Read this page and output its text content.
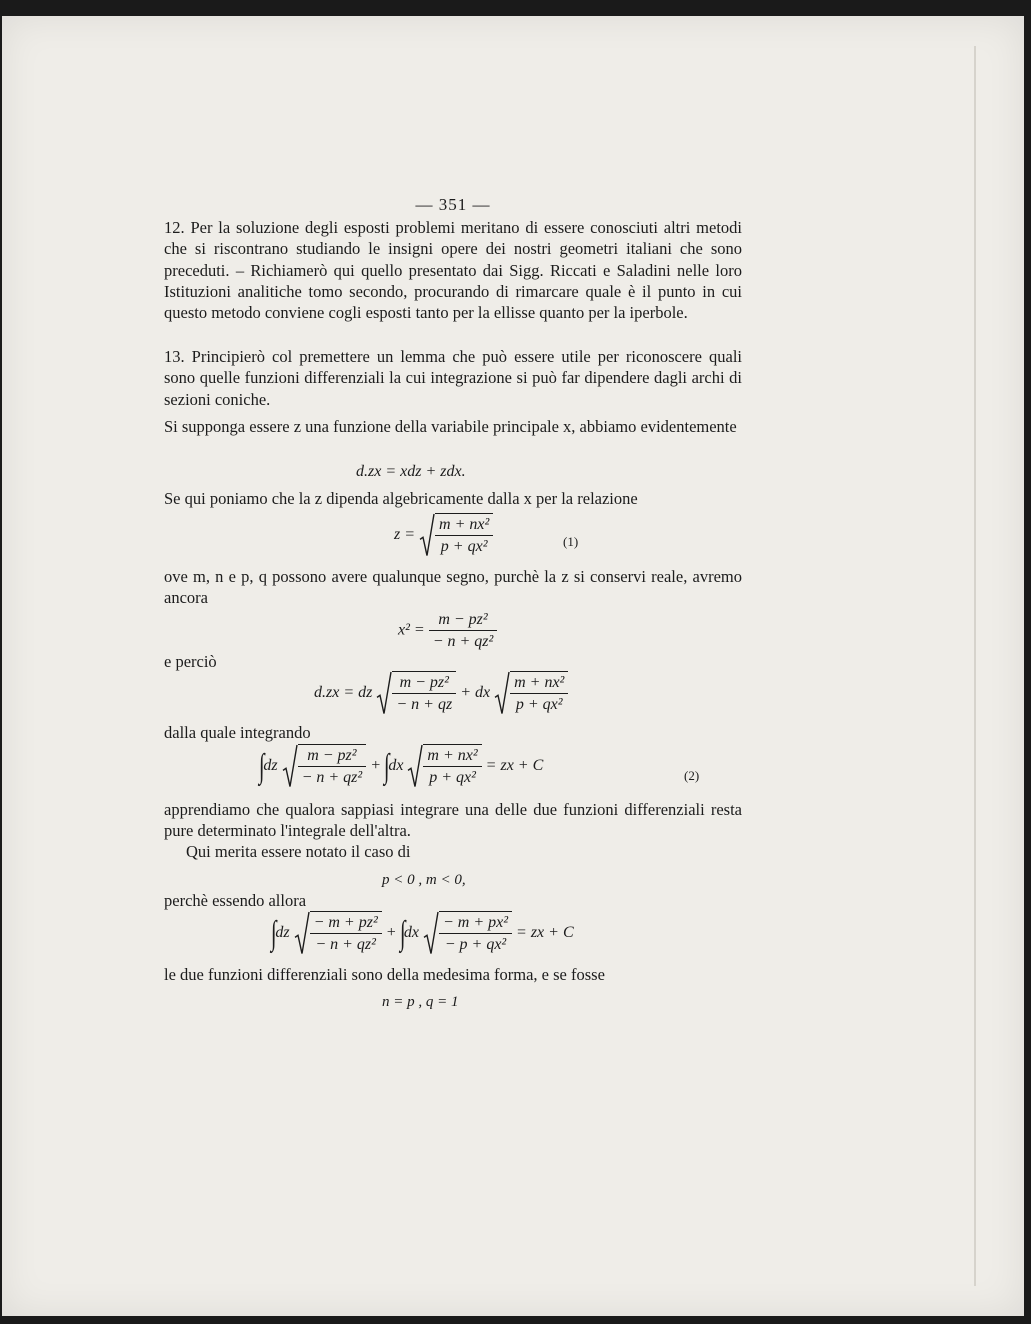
— 351 —

12. Per la soluzione degli esposti problemi meritano di essere conosciuti altri metodi che si riscontrano studiando le insigni opere dei nostri geometri italiani che sono preceduti. – Richiamerò qui quello presentato dai Sigg. Riccati e Saladini nelle loro Istituzioni analitiche tomo secondo, procurando di rimarcare quale è il punto in cui questo metodo conviene cogli esposti tanto per la ellisse quanto per la iperbole.

13. Principierò col premettere un lemma che può essere utile per riconoscere quali sono quelle funzioni differenziali la cui integrazione si può far dipendere dagli archi di sezioni coniche.

Si supponga essere z una funzione della variabile principale x, abbiamo evidentemente

d.zx = xdz + zdx.

Se qui poniamo che la z dipenda algebricamente dalla x per la relazione

$z = \frac{\text{m + nx²}}{\text{p + qx²}}$	(1)

ove m, n e p, q possono avere qualunque segno, purchè la z si conservi reale, avremo ancora

$x^2 = \frac{\text{m − pz²}}{\text{− n + qz²}}$

e perciò

d.zx = dz $\frac{\text{m − pz²}}{- n + qz}$ + dx $\frac{\text{m + nx²}}{\text{p + qx²}}$

dalla quale integrando

$\int dz \frac{\text{m − pz²}}{\text{− n + qz²}} + \int dx \frac{\text{m + nx²}}{\text{p + qx²}}$ = zx + C
(2)

apprendiamo che qualora sappiasi integrare una delle due funzioni differenziali resta pure determinato l'integrale dell'altra.

Qui merita essere notato il caso di

p < 0 , m < 0,

perchè essendo allora

$\int dz \frac{\text{− m + pz²}}{\text{− n + qz²}} + \int dx \frac{\text{− m + px²}}{\text{− p + qx²}}$ = zx + C

le due funzioni differenziali sono della medesima forma, e se fosse

n = p , q = 1
